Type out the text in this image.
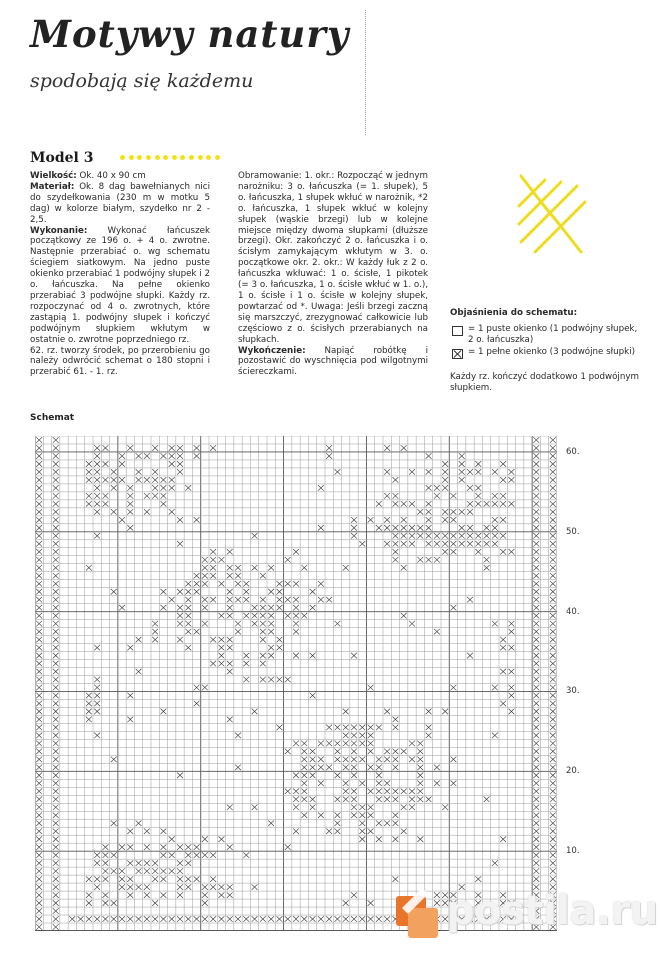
Motywy natury
spodobają się każdemu
Model 3

Wielkość: Ok. 40 x 90 cm

Materiał: Ok. 8 dag bawełnianych nici do szydełkowania (230 m w motku 5 dag) w kolorze białym, szydełko nr 2 - 2,5.

Wykonanie: Wykonać łańcuszek początkowy ze 196 o. + 4 o. zwrotne. Następnie przerabiać o. wg schematu ściegiem siatkowym. Na jedno puste okienko przerabiać 1 podwójny słupek i 2 o. łańcuszka. Na pełne okienko przerabiać 3 podwójne słupki. Każdy rz. rozpoczynać od 4 o. zwrotnych, które zastąpią 1. podwójny słupek i kończyć podwójnym słupkiem wkłutym w ostatnie o. zwrotne poprzedniego rz.

62. rz. tworzy środek, po przerobieniu go należy odwrócić schemat o 180 stopni i przerabić 61. - 1. rz.

Obramowanie: 1. okr.: Rozpocząć w jednym narożniku: 3 o. łańcuszka (= 1. słupek), 5 o. łańcuszka, 1 słupek wkłuć w narożnik, *2 o. łańcuszka, 1 słupek wkłuć w kolejny słupek (wąskie brzegi) lub w kolejne miejsce między dwoma słupkami (dłuższe brzegi). Okr. zakończyć 2 o. łańcuszka i o. ścisłym zamykającym wkłutym w 3. o. początkowe okr. 2. okr.: W każdy łuk z 2 o. łańcuszka wkłuwać: 1 o. ścisłe, 1 pikotek (= 3 o. łańcuszka, 1 o. ścisłe wkłuć w 1. o.), 1 o. ścisłe i 1 o. ścisłe w kolejny słupek, powtarzać od *. Uwaga: Jeśli brzegi zaczną się marszczyć, zrezygnować całkowicie lub częściowo z o. ścisłych przerabianych na słupkach.

Wykończenie: Napiąć robótkę i pozostawić do wyschnięcia pod wilgotnymi ściereczkami.

Objaśnienia do schematu:
= 1 puste okienko (1 podwójny słupek, 2 o. łańcuszka)
= 1 pełne okienko (3 podwójne słupki)
Każdy rz. kończyć dodatkowo 1 podwójnym słupkiem.
Schemat
60.
50.
40.
30.
20.
10.
postila.ru
